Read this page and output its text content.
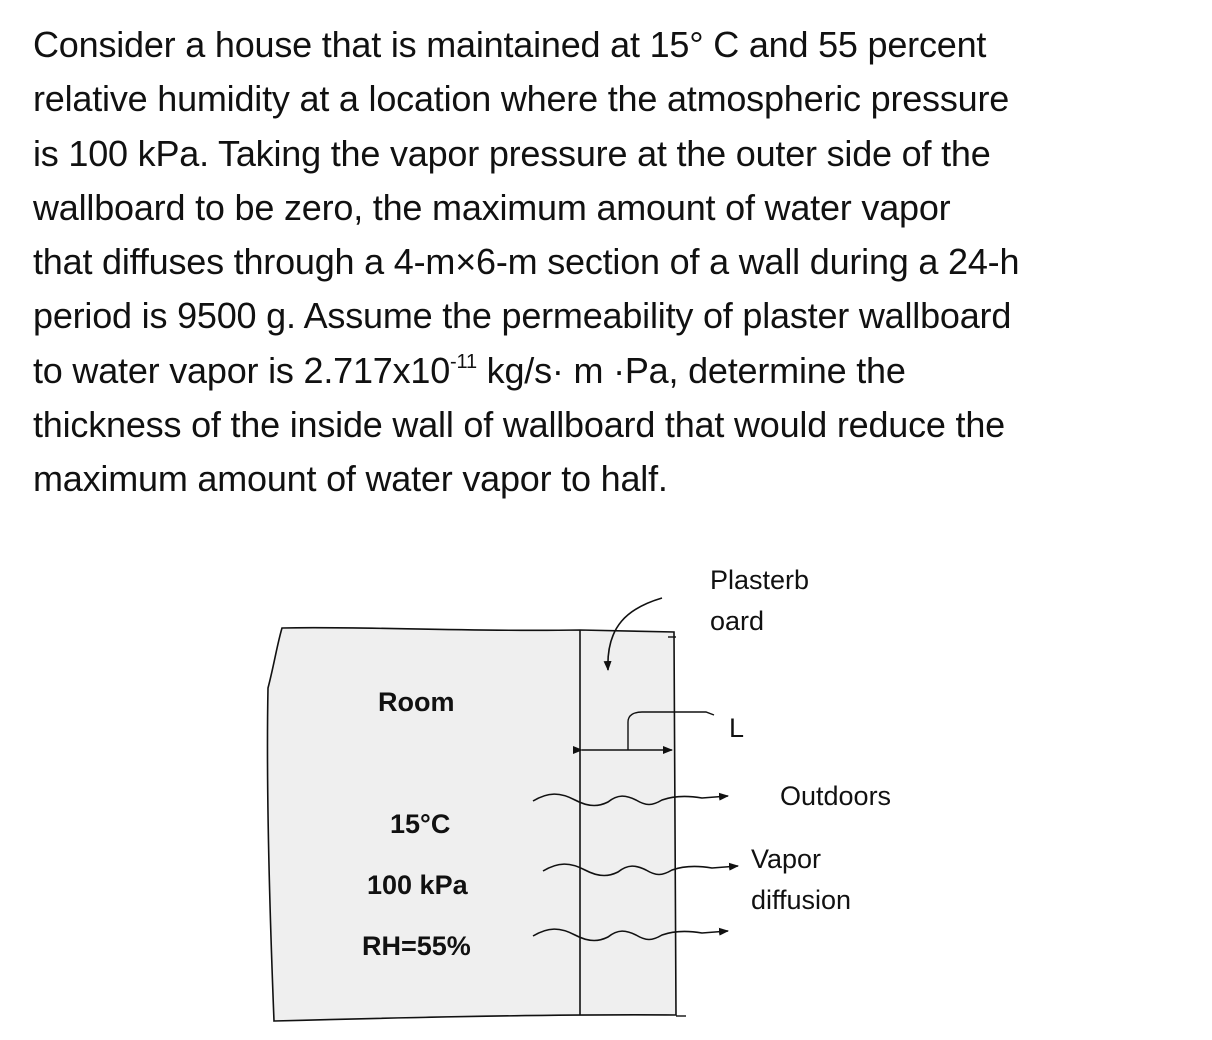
Consider a house that is maintained at 15° C and 55 percent
relative humidity at a location where the atmospheric pressure
is 100 kPa. Taking the vapor pressure at the outer side of the
wallboard to be zero, the maximum amount of water vapor
that diffuses through a 4-m×6-m section of a wall during a 24-h
period is 9500 g. Assume the permeability of plaster wallboard
to water vapor is $2.717x10^{-11}$ kg/s· m ·Pa, determine the
thickness of the inside wall of wallboard that would reduce the
maximum amount of water vapor to half.
Plasterb
oard
L
Room
15°C
100 kPa
RH=55%
Outdoors
Vapor
diffusion
